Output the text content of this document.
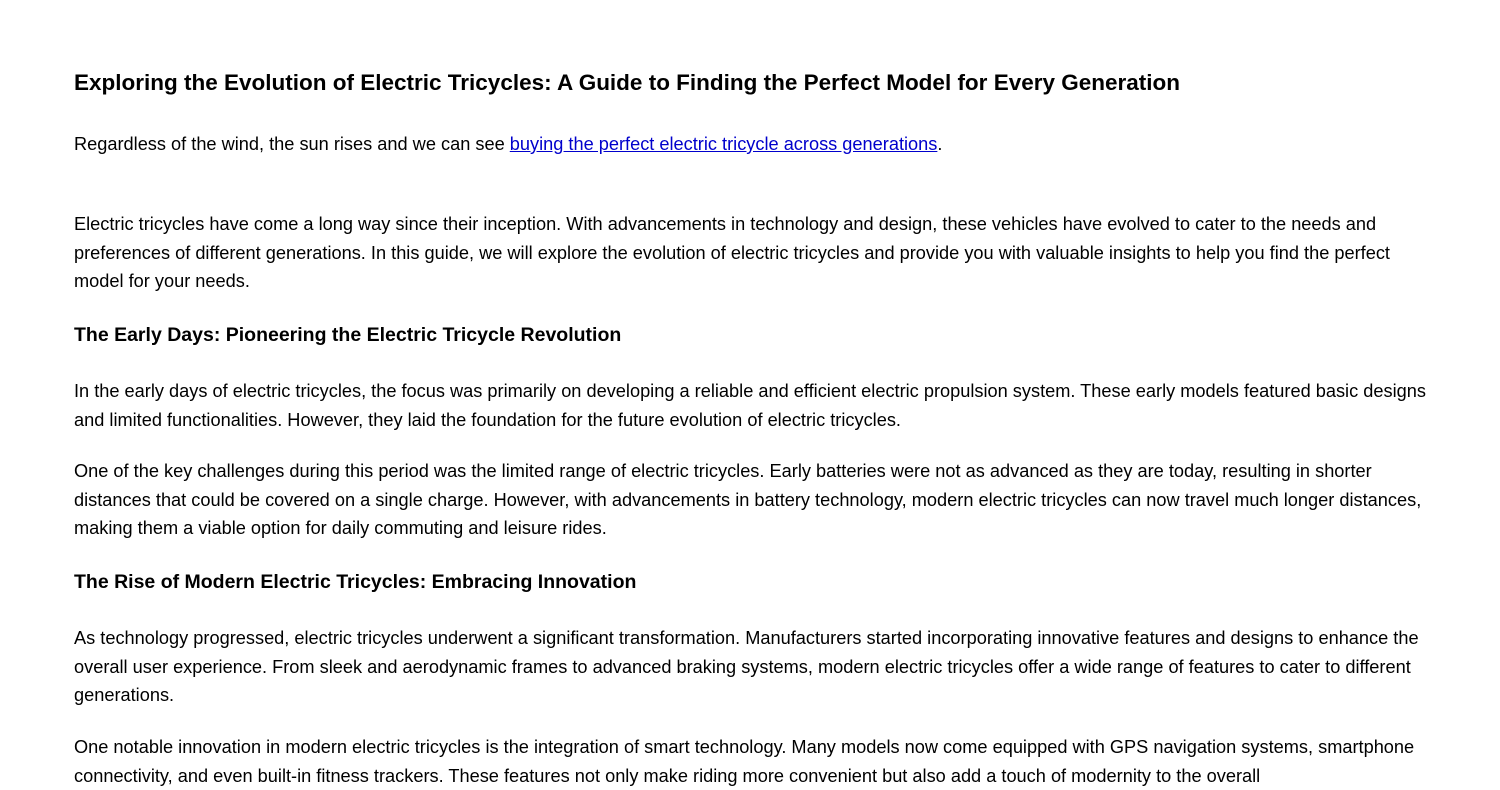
Exploring the Evolution of Electric Tricycles: A Guide to Finding the Perfect Model for Every Generation

Regardless of the wind, the sun rises and we can see buying the perfect electric tricycle across generations.

Electric tricycles have come a long way since their inception. With advancements in technology and design, these vehicles have evolved to cater to the needs and preferences of different generations. In this guide, we will explore the evolution of electric tricycles and provide you with valuable insights to help you find the perfect model for your needs.

The Early Days: Pioneering the Electric Tricycle Revolution

In the early days of electric tricycles, the focus was primarily on developing a reliable and efficient electric propulsion system. These early models featured basic designs and limited functionalities. However, they laid the foundation for the future evolution of electric tricycles.

One of the key challenges during this period was the limited range of electric tricycles. Early batteries were not as advanced as they are today, resulting in shorter distances that could be covered on a single charge. However, with advancements in battery technology, modern electric tricycles can now travel much longer distances, making them a viable option for daily commuting and leisure rides.

The Rise of Modern Electric Tricycles: Embracing Innovation

As technology progressed, electric tricycles underwent a significant transformation. Manufacturers started incorporating innovative features and designs to enhance the overall user experience. From sleek and aerodynamic frames to advanced braking systems, modern electric tricycles offer a wide range of features to cater to different generations.

One notable innovation in modern electric tricycles is the integration of smart technology. Many models now come equipped with GPS navigation systems, smartphone connectivity, and even built-in fitness trackers. These features not only make riding more convenient but also add a touch of modernity to the overall
